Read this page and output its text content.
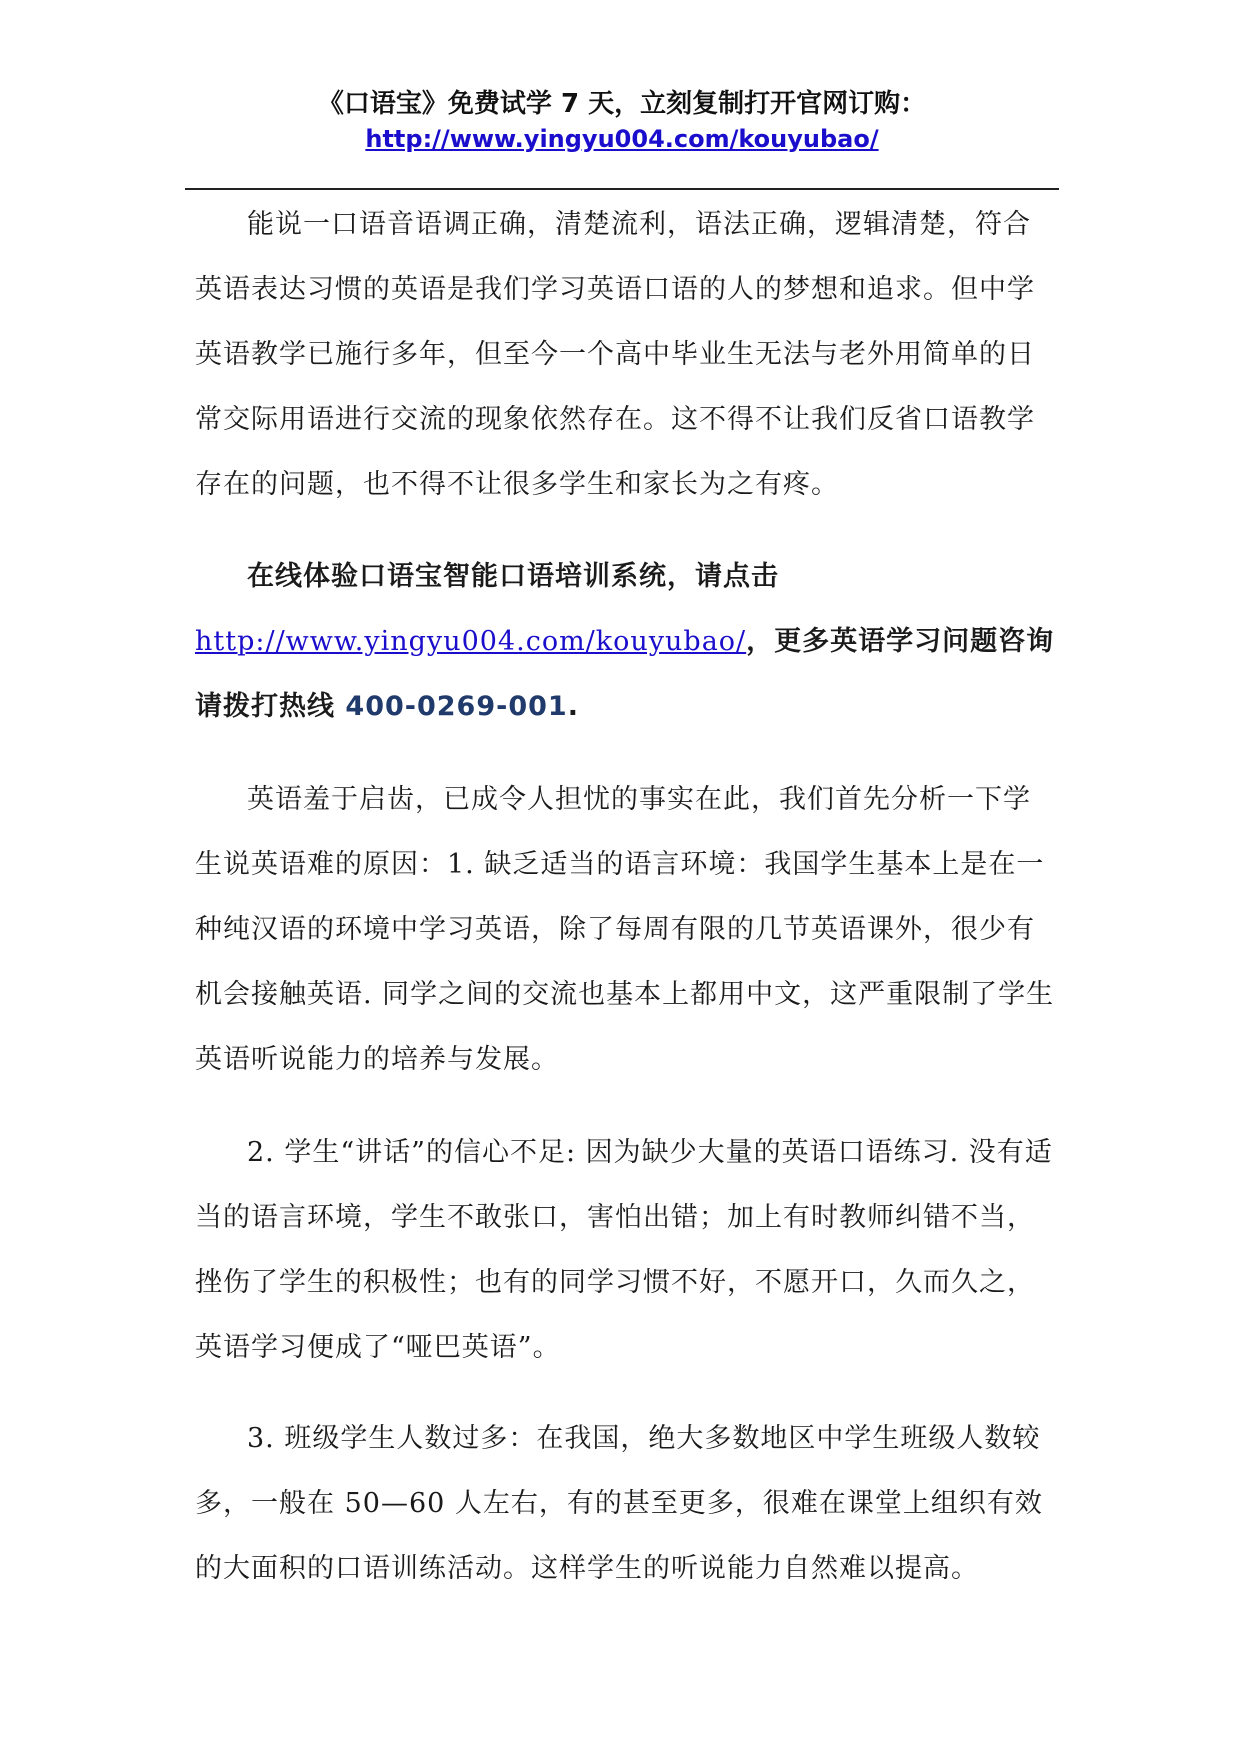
《口语宝》免费试学 7 天，立刻复制打开官网订购：
http://www.yingyu004.com/kouyubao/

能说一口语音语调正确，清楚流利，语法正确，逻辑清楚，符合英语表达习惯的英语是我们学习英语口语的人的梦想和追求。但中学英语教学已施行多年，但至今一个高中毕业生无法与老外用简单的日常交际用语进行交流的现象依然存在。这不得不让我们反省口语教学存在的问题，也不得不让很多学生和家长为之有疼。

在线体验口语宝智能口语培训系统，请点击http://www.yingyu004.com/kouyubao/，更多英语学习问题咨询请拨打热线 400-0269-001.

英语羞于启齿，已成令人担忧的事实在此，我们首先分析一下学生说英语难的原因：1. 缺乏适当的语言环境：我国学生基本上是在一种纯汉语的环境中学习英语，除了每周有限的几节英语课外，很少有机会接触英语. 同学之间的交流也基本上都用中文，这严重限制了学生英语听说能力的培养与发展。

2. 学生“讲话”的信心不足: 因为缺少大量的英语口语练习. 没有适当的语言环境，学生不敢张口，害怕出错；加上有时教师纠错不当，挫伤了学生的积极性；也有的同学习惯不好，不愿开口，久而久之，英语学习便成了“哑巴英语”。

3. 班级学生人数过多：在我国，绝大多数地区中学生班级人数较多，一般在 50—60 人左右，有的甚至更多，很难在课堂上组织有效的大面积的口语训练活动。这样学生的听说能力自然难以提高。
